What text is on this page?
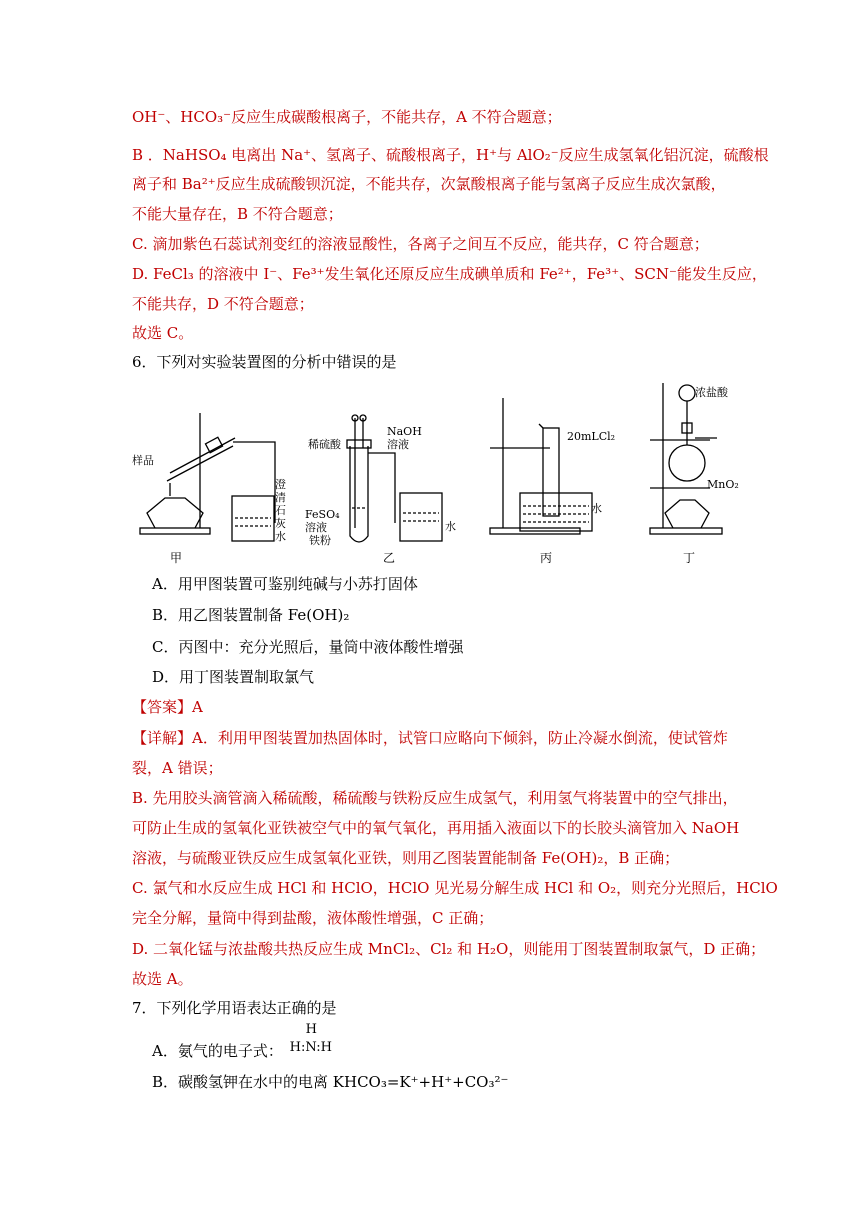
OH⁻、HCO₃⁻反应生成碳酸根离子，不能共存，A 不符合题意；
B ．NaHSO₄ 电离出 Na⁺、氢离子、硫酸根离子，H⁺与 AlO₂⁻反应生成氢氧化铝沉淀，硫酸根
离子和 Ba²⁺反应生成硫酸钡沉淀，不能共存，次氯酸根离子能与氢离子反应生成次氯酸，
不能大量存在，B 不符合题意；
C. 滴加紫色石蕊试剂变红的溶液显酸性，各离子之间互不反应，能共存，C 符合题意；
D. FeCl₃ 的溶液中 I⁻、Fe³⁺发生氧化还原反应生成碘单质和 Fe²⁺，Fe³⁺、SCN⁻能发生反应，
不能共存，D 不符合题意；
故选 C。
6．下列对实验装置图的分析中错误的是
样品
澄
清
石
灰
水
甲
稀硫酸
NaOH
溶液
FeSO₄
溶液
铁粉
水
乙
20mLCl₂
水
丙
浓盐酸
MnO₂
丁
A．用甲图装置可鉴别纯碱与小苏打固体
B．用乙图装置制备 Fe(OH)₂
C．丙图中：充分光照后，量筒中液体酸性增强
D．用丁图装置制取氯气
【答案】A
【详解】A．利用甲图装置加热固体时，试管口应略向下倾斜，防止冷凝水倒流，使试管炸
裂，A 错误；
B. 先用胶头滴管滴入稀硫酸，稀硫酸与铁粉反应生成氢气，利用氢气将装置中的空气排出，
可防止生成的氢氧化亚铁被空气中的氧气氧化，再用插入液面以下的长胶头滴管加入 NaOH
溶液，与硫酸亚铁反应生成氢氧化亚铁，则用乙图装置能制备 Fe(OH)₂，B 正确；
C. 氯气和水反应生成 HCl 和 HClO，HClO 见光易分解生成 HCl 和 O₂，则充分光照后，HClO
完全分解，量筒中得到盐酸，液体酸性增强，C 正确；
D. 二氧化锰与浓盐酸共热反应生成 MnCl₂、Cl₂ 和 H₂O，则能用丁图装置制取氯气，D 正确；
故选 A。
7．下列化学用语表达正确的是
A．氨气的电子式：
H
H:N:H
B．碳酸氢钾在水中的电离 KHCO₃=K⁺+H⁺+CO₃²⁻
